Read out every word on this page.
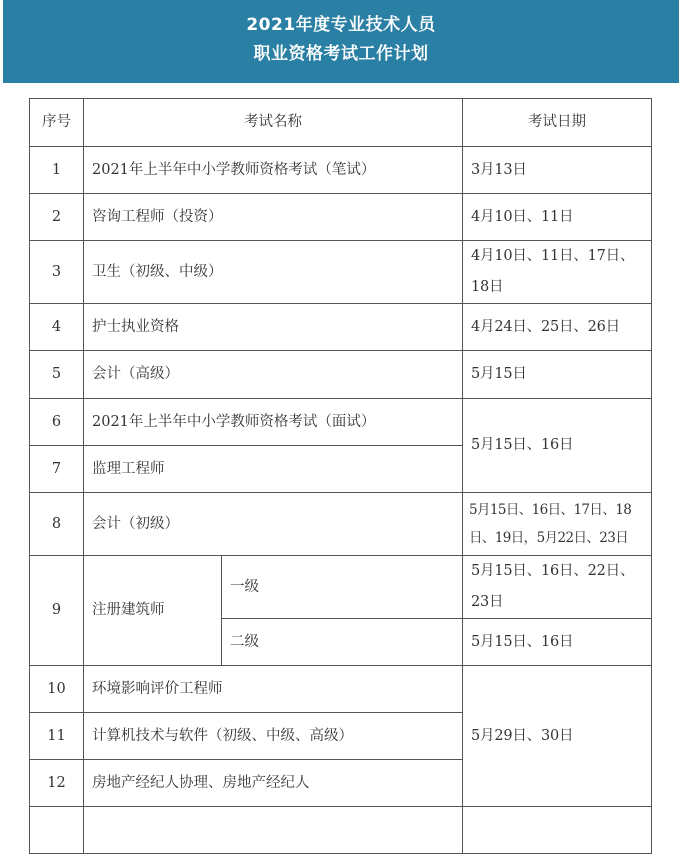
2021年度专业技术人员
职业资格考试工作计划
序号	考试名称		考试日期
1	2021年上半年中小学教师资格考试（笔试）		3月13日
2	咨询工程师（投资）		4月10日、11日
3	卫生（初级、中级）		4月10日、11日、17日、18日
4	护士执业资格		4月24日、25日、26日
5	会计（高级）		5月15日
6	2021年上半年中小学教师资格考试（面试）		5月15日、16日
7	监理工程师		
8	会计（初级）		5月15日、16日、17日、18日、19日，5月22日、23日
9	注册建筑师	一级	5月15日、16日、22日、23日
		二级	5月15日、16日
10	环境影响评价工程师		5月29日、30日
11	计算机技术与软件（初级、中级、高级）		
12	房地产经纪人协理、房地产经纪人		
